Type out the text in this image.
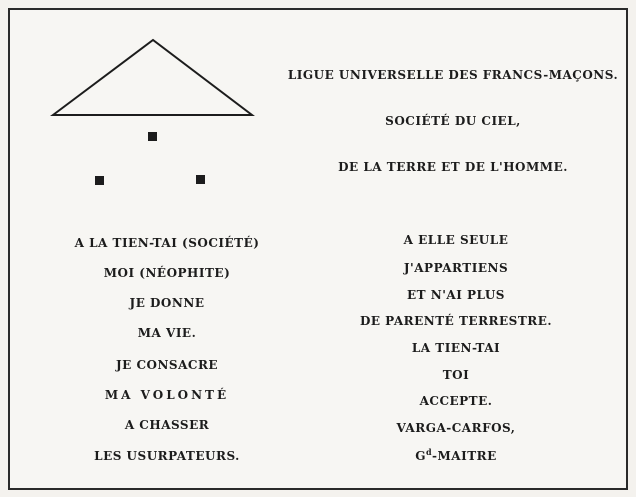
LIGUE UNIVERSELLE DES FRANCS-MAÇONS.
SOCIÉTÉ DU CIEL,
DE LA TERRE ET DE L'HOMME.
A LA TIEN-TAI (SOCIÉTÉ)
MOI (NÉOPHITE)
JE DONNE
MA VIE.
JE CONSACRE
MA VOLONTÉ
A CHASSER
LES USURPATEURS.
A ELLE SEULE
J'APPARTIENS
ET N'AI PLUS
DE PARENTÉ TERRESTRE.
LA TIEN-TAI
TOI
ACCEPTE.
VARGA-CARFOS,
$G^d$-MAITRE
